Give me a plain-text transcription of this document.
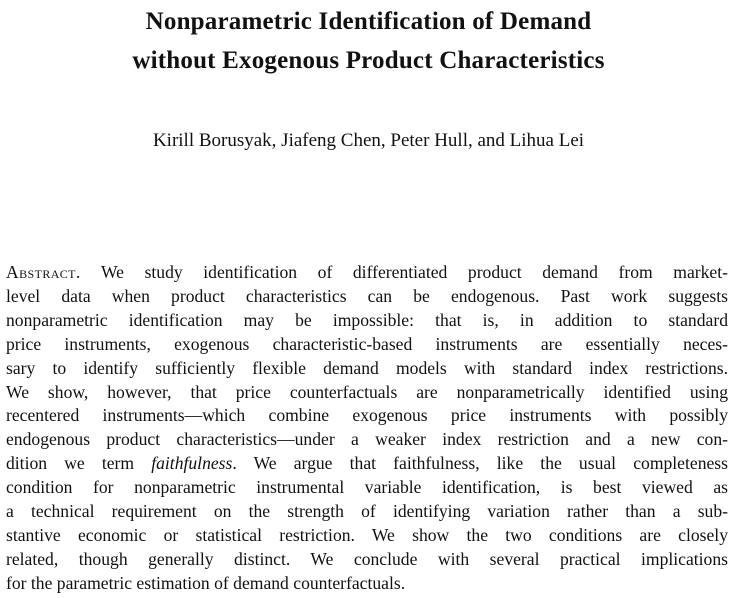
Nonparametric Identification of Demand
without Exogenous Product Characteristics
Kirill Borusyak, Jiafeng Chen, Peter Hull, and Lihua Lei
Abstract. We study identification of differentiated product demand from market-
level data when product characteristics can be endogenous. Past work suggests
nonparametric identification may be impossible: that is, in addition to standard
price instruments, exogenous characteristic-based instruments are essentially neces-
sary to identify sufficiently flexible demand models with standard index restrictions.
We show, however, that price counterfactuals are nonparametrically identified using
recentered instruments—which combine exogenous price instruments with possibly
endogenous product characteristics—under a weaker index restriction and a new con-
dition we term faithfulness. We argue that faithfulness, like the usual completeness
condition for nonparametric instrumental variable identification, is best viewed as
a technical requirement on the strength of identifying variation rather than a sub-
stantive economic or statistical restriction. We show the two conditions are closely
related, though generally distinct. We conclude with several practical implications
for the parametric estimation of demand counterfactuals.
